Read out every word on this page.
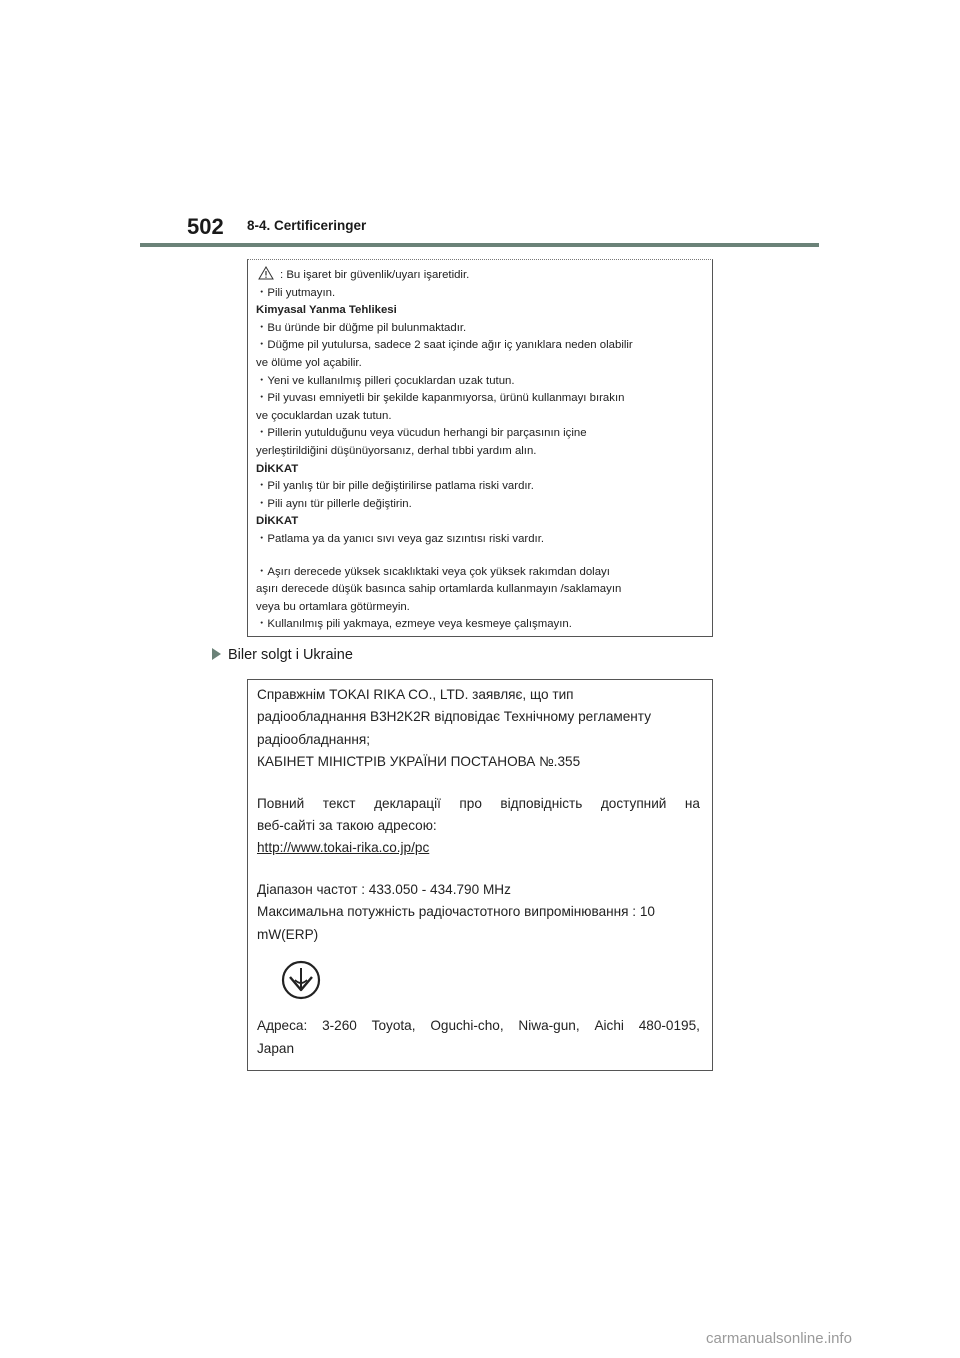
502 8-4. Certificeringer
: Bu işaret bir güvenlik/uyarı işaretidir.
・Pili yutmayın.
Kimyasal Yanma Tehlikesi
・Bu üründe bir düğme pil bulunmaktadır.
・Düğme pil yutulursa, sadece 2 saat içinde ağır iç yanıklara neden olabilir
ve ölüme yol açabilir.
・Yeni ve kullanılmış pilleri çocuklardan uzak tutun.
・Pil yuvası emniyetli bir şekilde kapanmıyorsa, ürünü kullanmayı bırakın
ve çocuklardan uzak tutun.
・Pillerin yutulduğunu veya vücudun herhangi bir parçasının içine
yerleştirildiğini düşünüyorsanız, derhal tıbbi yardım alın.
DİKKAT
・Pil yanlış tür bir pille değiştirilirse patlama riski vardır.
・Pili aynı tür pillerle değiştirin.
DİKKAT
・Patlama ya da yanıcı sıvı veya gaz sızıntısı riski vardır.
・Aşırı derecede yüksek sıcaklıktaki veya çok yüksek rakımdan dolayı
aşırı derecede düşük basınca sahip ortamlarda kullanmayın /saklamayın
veya bu ortamlara götürmeyin.
・Kullanılmış pili yakmaya, ezmeye veya kesmeye çalışmayın.
Biler solgt i Ukraine
Справжнім TOKAI RIKA CO., LTD. заявляє, що тип
радіообладнання B3H2K2R відповідає Технічному регламенту
радіообладнання;
КАБІНЕТ МІНІСТРІВ УКРАЇНИ ПОСТАНОВА №.355
Повний текст декларації про відповідність доступний на
веб-сайті за такою адресою:
http://www.tokai-rika.co.jp/pc
Діапазон частот : 433.050 - 434.790 MHz
Максимальна потужність радіочастотного випромінювання : 10
mW(ERP)
Адреса: 3-260 Toyota, Oguchi-cho, Niwa-gun, Aichi 480-0195,
Japan
carmanualsonline.info
